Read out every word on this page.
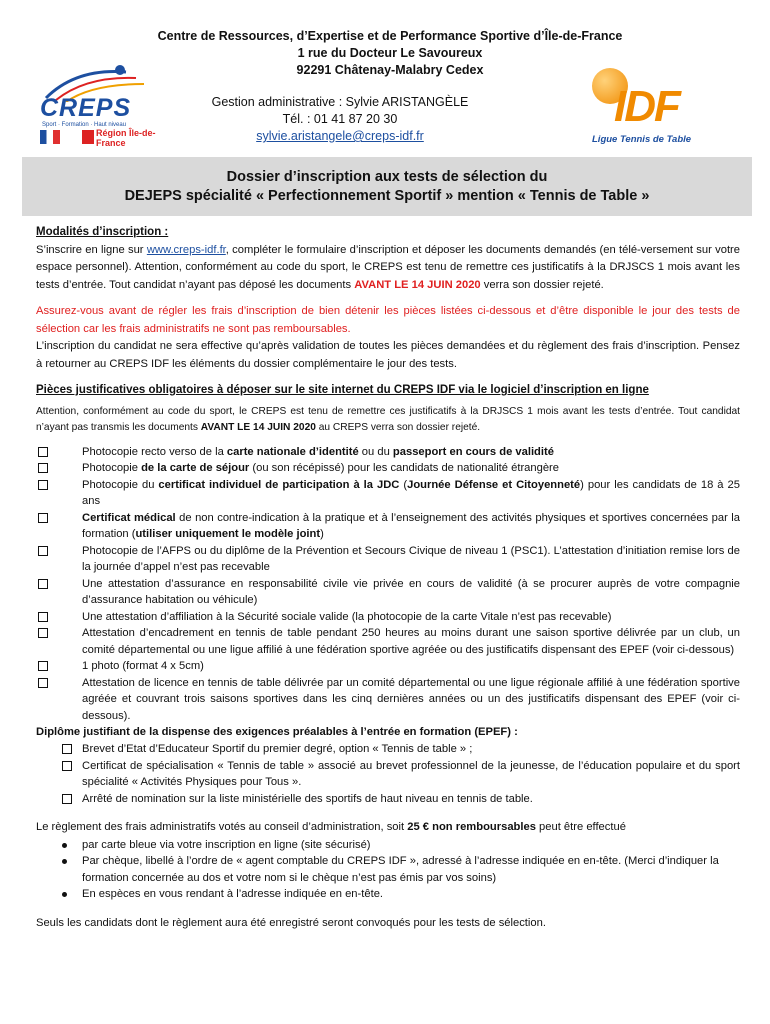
CREPS
Sport · Formation · Haut niveau
Région Île-de-France
Centre de Ressources, d’Expertise et de Performance Sportive d’Île-de-France
1 rue du Docteur Le Savoureux
92291 Châtenay-Malabry Cedex
Gestion administrative : Sylvie ARISTANGÈLE
Tél. : 01 41 87 20 30
sylvie.aristangele@creps-idf.fr
IDF
Ligue Tennis de Table
Dossier d’inscription aux tests de sélection du
DEJEPS spécialité « Perfectionnement Sportif » mention « Tennis de Table »
Modalités d’inscription :

S’inscrire en ligne sur www.creps-idf.fr, compléter le formulaire d’inscription et déposer les documents demandés (en télé-versement sur votre espace personnel). Attention, conformément au code du sport, le CREPS est tenu de remettre ces justificatifs à la DRJSCS 1 mois avant les tests d’entrée. Tout candidat n’ayant pas déposé les documents AVANT LE 14 JUIN 2020 verra son dossier rejeté.

Assurez-vous avant de régler les frais d’inscription de bien détenir les pièces listées ci-dessous et d’être disponible le jour des tests de sélection car les frais administratifs ne sont pas remboursables.

L’inscription du candidat ne sera effective qu’après validation de toutes les pièces demandées et du règlement des frais d’inscription. Pensez à retourner au CREPS IDF les éléments du dossier complémentaire le jour des tests.

Pièces justificatives obligatoires à déposer sur le site internet du CREPS IDF via le logiciel d’inscription en ligne

Attention, conformément au code du sport, le CREPS est tenu de remettre ces justificatifs à la DRJSCS 1 mois avant les tests d’entrée. Tout candidat n’ayant pas transmis les documents AVANT LE 14 JUIN 2020 au CREPS verra son dossier rejeté.

Photocopie recto verso de la carte nationale d’identité ou du passeport en cours de validité
Photocopie de la carte de séjour (ou son récépissé) pour les candidats de nationalité étrangère
Photocopie du certificat individuel de participation à la JDC (Journée Défense et Citoyenneté) pour les candidats de 18 à 25 ans
Certificat médical de non contre-indication à la pratique et à l’enseignement des activités physiques et sportives concernées par la formation (utiliser uniquement le modèle joint)
Photocopie de l’AFPS ou du diplôme de la Prévention et Secours Civique de niveau 1 (PSC1). L’attestation d’initiation remise lors de la journée d’appel n’est pas recevable
Une attestation d’assurance en responsabilité civile vie privée en cours de validité (à se procurer auprès de votre compagnie d’assurance habitation ou véhicule)
Une attestation d’affiliation à la Sécurité sociale valide (la photocopie de la carte Vitale n’est pas recevable)
Attestation d’encadrement en tennis de table pendant 250 heures au moins durant une saison sportive délivrée par un club, un comité départemental ou une ligue affilié à une fédération sportive agréée ou des justificatifs dispensant des EPEF (voir ci-dessous)
1 photo (format 4 x 5cm)
Attestation de licence en tennis de table délivrée par un comité départemental ou une ligue régionale affilié à une fédération sportive agréée et couvrant trois saisons sportives dans les cinq dernières années ou un des justificatifs dispensant des EPEF (voir ci-dessous).
Diplôme justifiant de la dispense des exigences préalables à l’entrée en formation (EPEF) :
Brevet d’Etat d’Educateur Sportif du premier degré, option « Tennis de table » ;
Certificat de spécialisation « Tennis de table » associé au brevet professionnel de la jeunesse, de l’éducation populaire et du sport spécialité « Activités Physiques pour Tous ».
Arrêté de nomination sur la liste ministérielle des sportifs de haut niveau en tennis de table.

Le règlement des frais administratifs votés au conseil d’administration, soit 25 € non remboursables peut être effectué

par carte bleue via votre inscription en ligne (site sécurisé)
Par chèque, libellé à l’ordre de « agent comptable du CREPS IDF », adressé à l’adresse indiquée en en-tête. (Merci d’indiquer la formation concernée au dos et votre nom si le chèque n’est pas émis par vos soins)
En espèces en vous rendant à l’adresse indiquée en en-tête.

Seuls les candidats dont le règlement aura été enregistré seront convoqués pour les tests de sélection.
